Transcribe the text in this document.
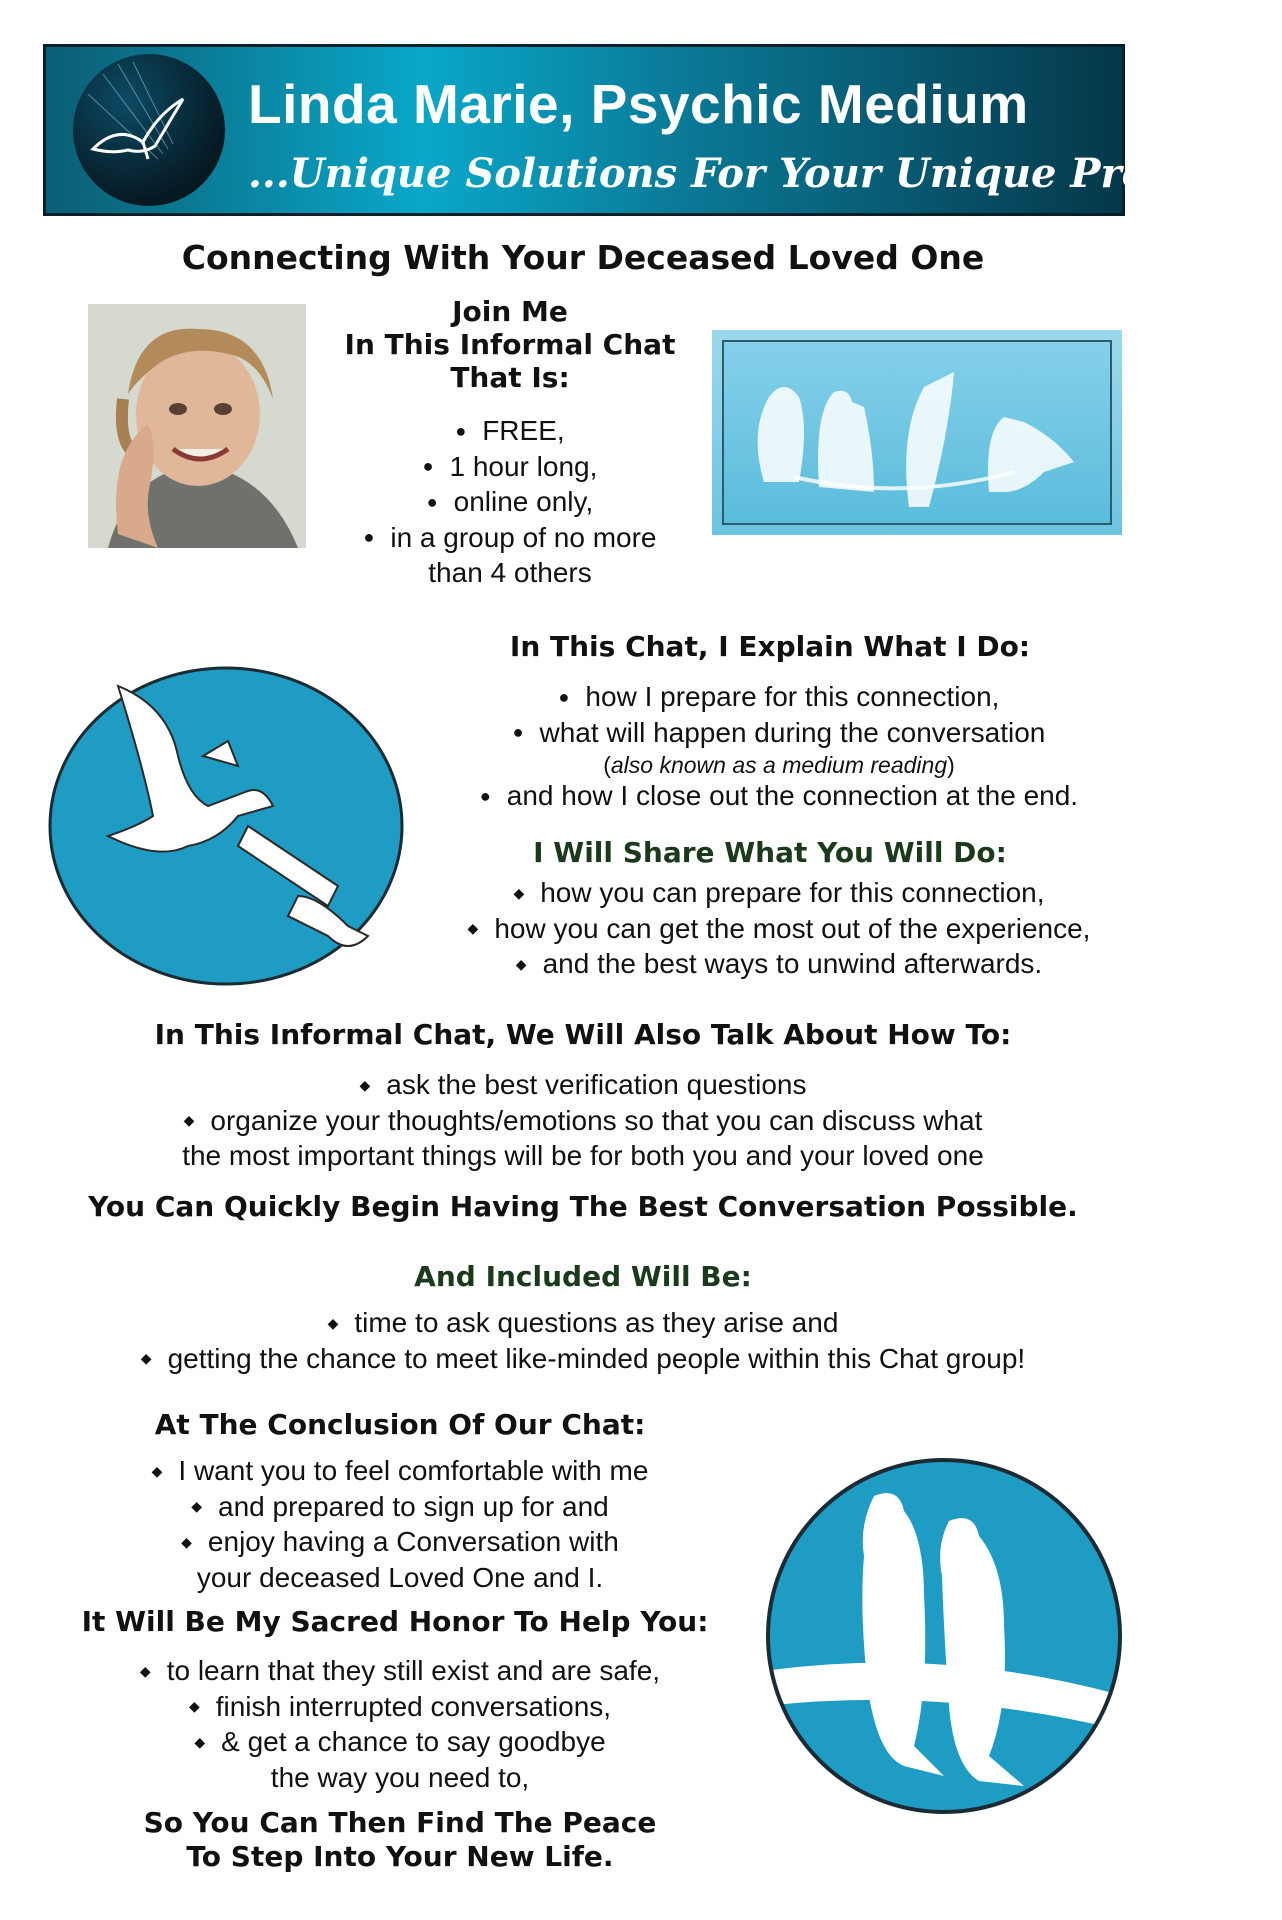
Linda Marie, Psychic Medium
...Unique Solutions For Your Unique Problems
Connecting With Your Deceased Loved One
Join Me
In This Informal Chat
That Is:
● FREE,
● 1 hour long,
● online only,
● in a group of no more
than 4 others
In This Chat, I Explain What I Do:
● how I prepare for this connection,
● what will happen during the conversation
(also known as a medium reading)
● and how I close out the connection at the end.
I Will Share What You Will Do:
◆ how you can prepare for this connection,
◆ how you can get the most out of the experience,
◆ and the best ways to unwind afterwards.
In This Informal Chat, We Will Also Talk About How To:
◆ ask the best verification questions
◆ organize your thoughts/emotions so that you can discuss what
the most important things will be for both you and your loved one
You Can Quickly Begin Having The Best Conversation Possible.
And Included Will Be:
◆ time to ask questions as they arise and
◆ getting the chance to meet like-minded people within this Chat group!
At The Conclusion Of Our Chat:
◆ I want you to feel comfortable with me
◆ and prepared to sign up for and
◆ enjoy having a Conversation with
your deceased Loved One and I.
It Will Be My Sacred Honor To Help You:
◆ to learn that they still exist and are safe,
◆ finish interrupted conversations,
◆ & get a chance to say goodbye
the way you need to,
So You Can Then Find The Peace
To Step Into Your New Life.
